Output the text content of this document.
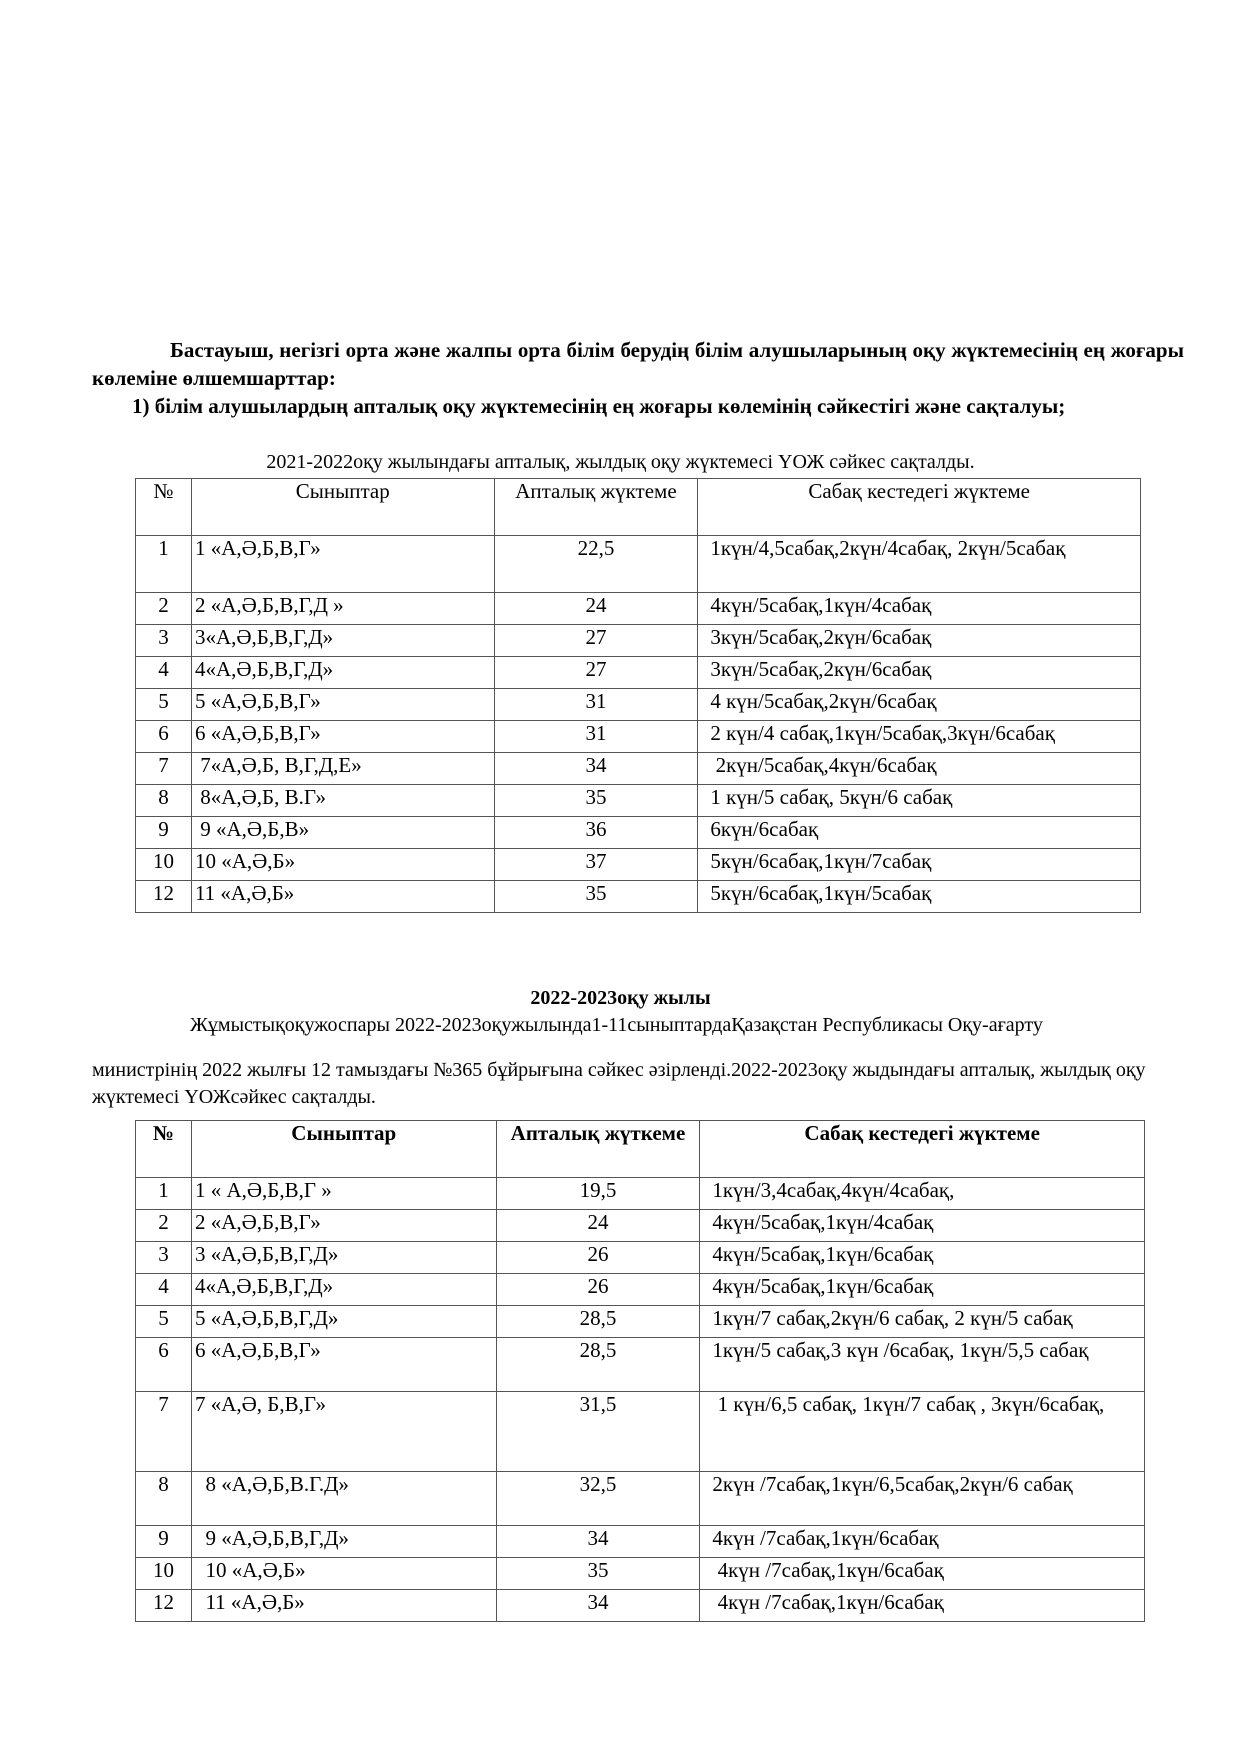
Бастауыш, негізгі орта және жалпы орта білім берудің білім алушыларының оқу жүктемесінің ең жоғары көлеміне өлшемшарттар:
1) білім алушылардың апталық оқу жүктемесінің ең жоғары көлемінің сәйкестігі және сақталуы;
2021-2022оқу жылындағы апталық, жылдық оқу жүктемесі ҮОЖ сәйкес сақталды.
№	Сыныптар	Апталық жүктеме	Сабақ кестедегі жүктеме
1	1 «А,Ә,Б,В,Г»	22,5	1күн/4,5сабақ,2күн/4сабақ, 2күн/5сабақ
2	2 «А,Ә,Б,В,Г,Д »	24	4күн/5сабақ,1күн/4сабақ
3	3«А,Ә,Б,В,Г,Д»	27	3күн/5сабақ,2күн/6сабақ
4	4«А,Ә,Б,В,Г,Д»	27	3күн/5сабақ,2күн/6сабақ
5	5 «А,Ә,Б,В,Г»	31	4 күн/5сабақ,2күн/6сабақ
6	6 «А,Ә,Б,В,Г»	31	2 күн/4 сабақ,1күн/5сабақ,3күн/6сабақ
7	7«А,Ә,Б, В,Г,Д,Е»	34	2күн/5сабақ,4күн/6сабақ
8	8«А,Ә,Б, В.Г»	35	1 күн/5 сабақ, 5күн/6 сабақ
9	9 «А,Ә,Б,В»	36	6күн/6сабақ
10	10 «А,Ә,Б»	37	5күн/6сабақ,1күн/7сабақ
12	11 «А,Ә,Б»	35	5күн/6сабақ,1күн/5сабақ
2022-2023оқу жылы
Жұмыстықоқужоспары 2022-2023оқужылында1-11сыныптардаҚазақстан Республикасы Оқу-ағарту
министрінің 2022 жылғы 12 тамыздағы №365 бұйрығына сәйкес әзірленді.2022-2023оқу жыдындағы апталық, жылдық оқу жүктемесі ҮОЖсәйкес сақталды.
№	Сыныптар	Апталық жүткеме	Сабақ кестедегі жүктеме
1	1 « А,Ә,Б,В,Г »	19,5	1күн/3,4сабақ,4күн/4сабақ,
2	2 «А,Ә,Б,В,Г»	24	4күн/5сабақ,1күн/4сабақ
3	3 «А,Ә,Б,В,Г,Д»	26	4күн/5сабақ,1күн/6сабақ
4	4«А,Ә,Б,В,Г,Д»	26	4күн/5сабақ,1күн/6сабақ
5	5 «А,Ә,Б,В,Г,Д»	28,5	1күн/7 сабақ,2күн/6 сабақ, 2 күн/5 сабақ
6	6 «А,Ә,Б,В,Г»	28,5	1күн/5 сабақ,3 күн /6сабақ, 1күн/5,5 сабақ
7	7 «А,Ә, Б,В,Г»	31,5	1 күн/6,5 сабақ, 1күн/7 сабақ , 3күн/6сабақ,
8	8 «А,Ә,Б,В.Г.Д»	32,5	2күн /7сабақ,1күн/6,5сабақ,2күн/6 сабақ
9	9 «А,Ә,Б,В,Г,Д»	34	4күн /7сабақ,1күн/6сабақ
10	10 «А,Ә,Б»	35	4күн /7сабақ,1күн/6сабақ
12	11 «А,Ә,Б»	34	4күн /7сабақ,1күн/6сабақ
